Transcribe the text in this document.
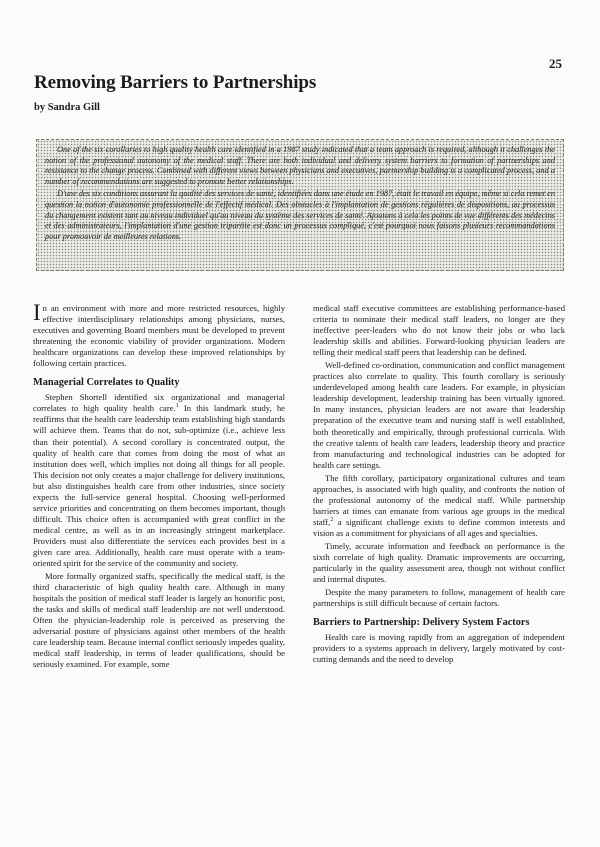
25
Removing Barriers to Partnerships
by Sandra Gill

One of the six corollaries to high quality health care identified in a 1987 study indicated that a team approach is required, although it challenges the notion of the professional autonomy of the medical staff. There are both individual and delivery system barriers to formation of partnerships and resistance to the change process. Combined with different views between physicians and executives, partnership building is a complicated process, and a number of recommendations are suggested to promote better relationships.

D'une des six conditions assurant la qualité des services de santé, identifiées dans une étude en 1987, était le travail en équipe, même si cela remet en question la notion d'autonomie professionnelle de l'effectif médical. Des obstacles à l'implantation de gestions régulières de dispositions, au processus du changement existent tant au niveau individuel qu'au niveau du système des services de santé. Ajoutons à cela les points de vue différents des médecins et des administrateurs, l'implantation d'une gestion tripartite est donc un processus compliqué, c'est pourquoi nous faisons plusieurs recommandations pour promouvoir de meilleures relations.

In an environment with more and more restricted resources, highly effective interdisciplinary relationships among physicians, nurses, executives and governing Board members must be developed to prevent threatening the economic viability of provider organizations. Modern healthcare organizations can develop these improved relationships by following certain practices.

Managerial Correlates to Quality

Stephen Shortell identified six organizational and managerial correlates to high quality health care.$^1$ In this landmark study, he reaffirms that the health care leadership team establishing high standards will achieve them. Teams that do not, sub-optimize (i.e., achieve less than their potential). A second corollary is concentrated output, the quality of health care that comes from doing the most of what an institution does well, which implies not doing all things for all people. This decision not only creates a major challenge for delivery institutions, but also distinguishes health care from other industries, since society expects the full-service general hospital. Choosing well-performed service priorities and concentrating on them becomes important, though difficult. This choice often is accompanied with great conflict in the medical centre, as well as in an increasingly stringent marketplace. Providers must also differentiate the services each provides best in a given care area. Additionally, health care must operate with a team-oriented spirit for the service of the community and society.

More formally organized staffs, specifically the medical staff, is the third characteristic of high quality health care. Although in many hospitals the position of medical staff leader is largely an honorific post, the tasks and skills of medical staff leadership are not well understood. Often the physician-leadership role is perceived as preserving the adversarial posture of physicians against other members of the health care leadership team. Because internal conflict seriously impedes quality, medical staff leadership, in terms of leader qualifications, should be seriously examined. For example, some

medical staff executive committees are establishing performance-based criteria to nominate their medical staff leaders, no longer are they ineffective peer-leaders who do not know their jobs or who lack leadership skills and abilities. Forward-looking physician leaders are telling their medical staff peers that leadership can be defined.

Well-defined co-ordination, communication and conflict management practices also correlate to quality. This fourth corollary is seriously underdeveloped among health care leaders. For example, in physician leadership development, leadership training has been virtually ignored. In many instances, physician leaders are not aware that leadership preparation of the executive team and nursing staff is well established, both theoretically and empirically, through professional curricula. With the creative talents of health care leaders, leadership theory and practice from manufacturing and technological industries can be adopted for health care settings.

The fifth corollary, participatory organizational cultures and team approaches, is associated with high quality, and confronts the notion of the professional autonomy of the medical staff. While partnership barriers at times can emanate from various age groups in the medical staff,$^2$ a significant challenge exists to define common interests and vision as a commitment for physicians of all ages and specialties.

Timely, accurate information and feedback on performance is the sixth correlate of high quality. Dramatic improvements are occurring, particularly in the quality assessment area, though not without conflict and internal disputes.

Despite the many parameters to follow, management of health care partnerships is still difficult because of certain factors.

Barriers to Partnership: Delivery System Factors

Health care is moving rapidly from an aggregation of independent providers to a systems approach in delivery, largely motivated by cost-cutting demands and the need to develop
